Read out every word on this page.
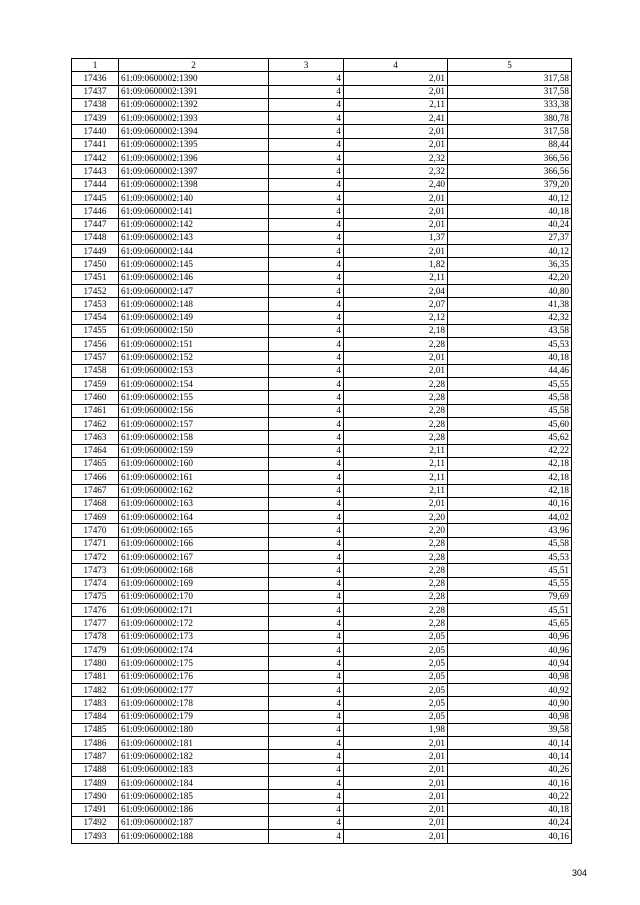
1	2	3	4	5
17436	61:09:0600002:1390	4	2,01	317,58
17437	61:09:0600002:1391	4	2,01	317,58
17438	61:09:0600002:1392	4	2,11	333,38
17439	61:09:0600002:1393	4	2,41	380,78
17440	61:09:0600002:1394	4	2,01	317,58
17441	61:09:0600002:1395	4	2,01	88,44
17442	61:09:0600002:1396	4	2,32	366,56
17443	61:09:0600002:1397	4	2,32	366,56
17444	61:09:0600002:1398	4	2,40	379,20
17445	61:09:0600002:140	4	2,01	40,12
17446	61:09:0600002:141	4	2,01	40,18
17447	61:09:0600002:142	4	2,01	40,24
17448	61:09:0600002:143	4	1,37	27,37
17449	61:09:0600002:144	4	2,01	40,12
17450	61:09:0600002:145	4	1,82	36,35
17451	61:09:0600002:146	4	2,11	42,20
17452	61:09:0600002:147	4	2,04	40,80
17453	61:09:0600002:148	4	2,07	41,38
17454	61:09:0600002:149	4	2,12	42,32
17455	61:09:0600002:150	4	2,18	43,58
17456	61:09:0600002:151	4	2,28	45,53
17457	61:09:0600002:152	4	2,01	40,18
17458	61:09:0600002:153	4	2,01	44,46
17459	61:09:0600002:154	4	2,28	45,55
17460	61:09:0600002:155	4	2,28	45,58
17461	61:09:0600002:156	4	2,28	45,58
17462	61:09:0600002:157	4	2,28	45,60
17463	61:09:0600002:158	4	2,28	45,62
17464	61:09:0600002:159	4	2,11	42,22
17465	61:09:0600002:160	4	2,11	42,18
17466	61:09:0600002:161	4	2,11	42,18
17467	61:09:0600002:162	4	2,11	42,18
17468	61:09:0600002:163	4	2,01	40,16
17469	61:09:0600002:164	4	2,20	44,02
17470	61:09:0600002:165	4	2,20	43,96
17471	61:09:0600002:166	4	2,28	45,58
17472	61:09:0600002:167	4	2,28	45,53
17473	61:09:0600002:168	4	2,28	45,51
17474	61:09:0600002:169	4	2,28	45,55
17475	61:09:0600002:170	4	2,28	79,69
17476	61:09:0600002:171	4	2,28	45,51
17477	61:09:0600002:172	4	2,28	45,65
17478	61:09:0600002:173	4	2,05	40,96
17479	61:09:0600002:174	4	2,05	40,96
17480	61:09:0600002:175	4	2,05	40,94
17481	61:09:0600002:176	4	2,05	40,98
17482	61:09:0600002:177	4	2,05	40,92
17483	61:09:0600002:178	4	2,05	40,90
17484	61:09:0600002:179	4	2,05	40,98
17485	61:09:0600002:180	4	1,98	39,58
17486	61:09:0600002:181	4	2,01	40,14
17487	61:09:0600002:182	4	2,01	40,14
17488	61:09:0600002:183	4	2,01	40,26
17489	61:09:0600002:184	4	2,01	40,16
17490	61:09:0600002:185	4	2,01	40,22
17491	61:09:0600002:186	4	2,01	40,18
17492	61:09:0600002:187	4	2,01	40,24
17493	61:09:0600002:188	4	2,01	40,16
304
